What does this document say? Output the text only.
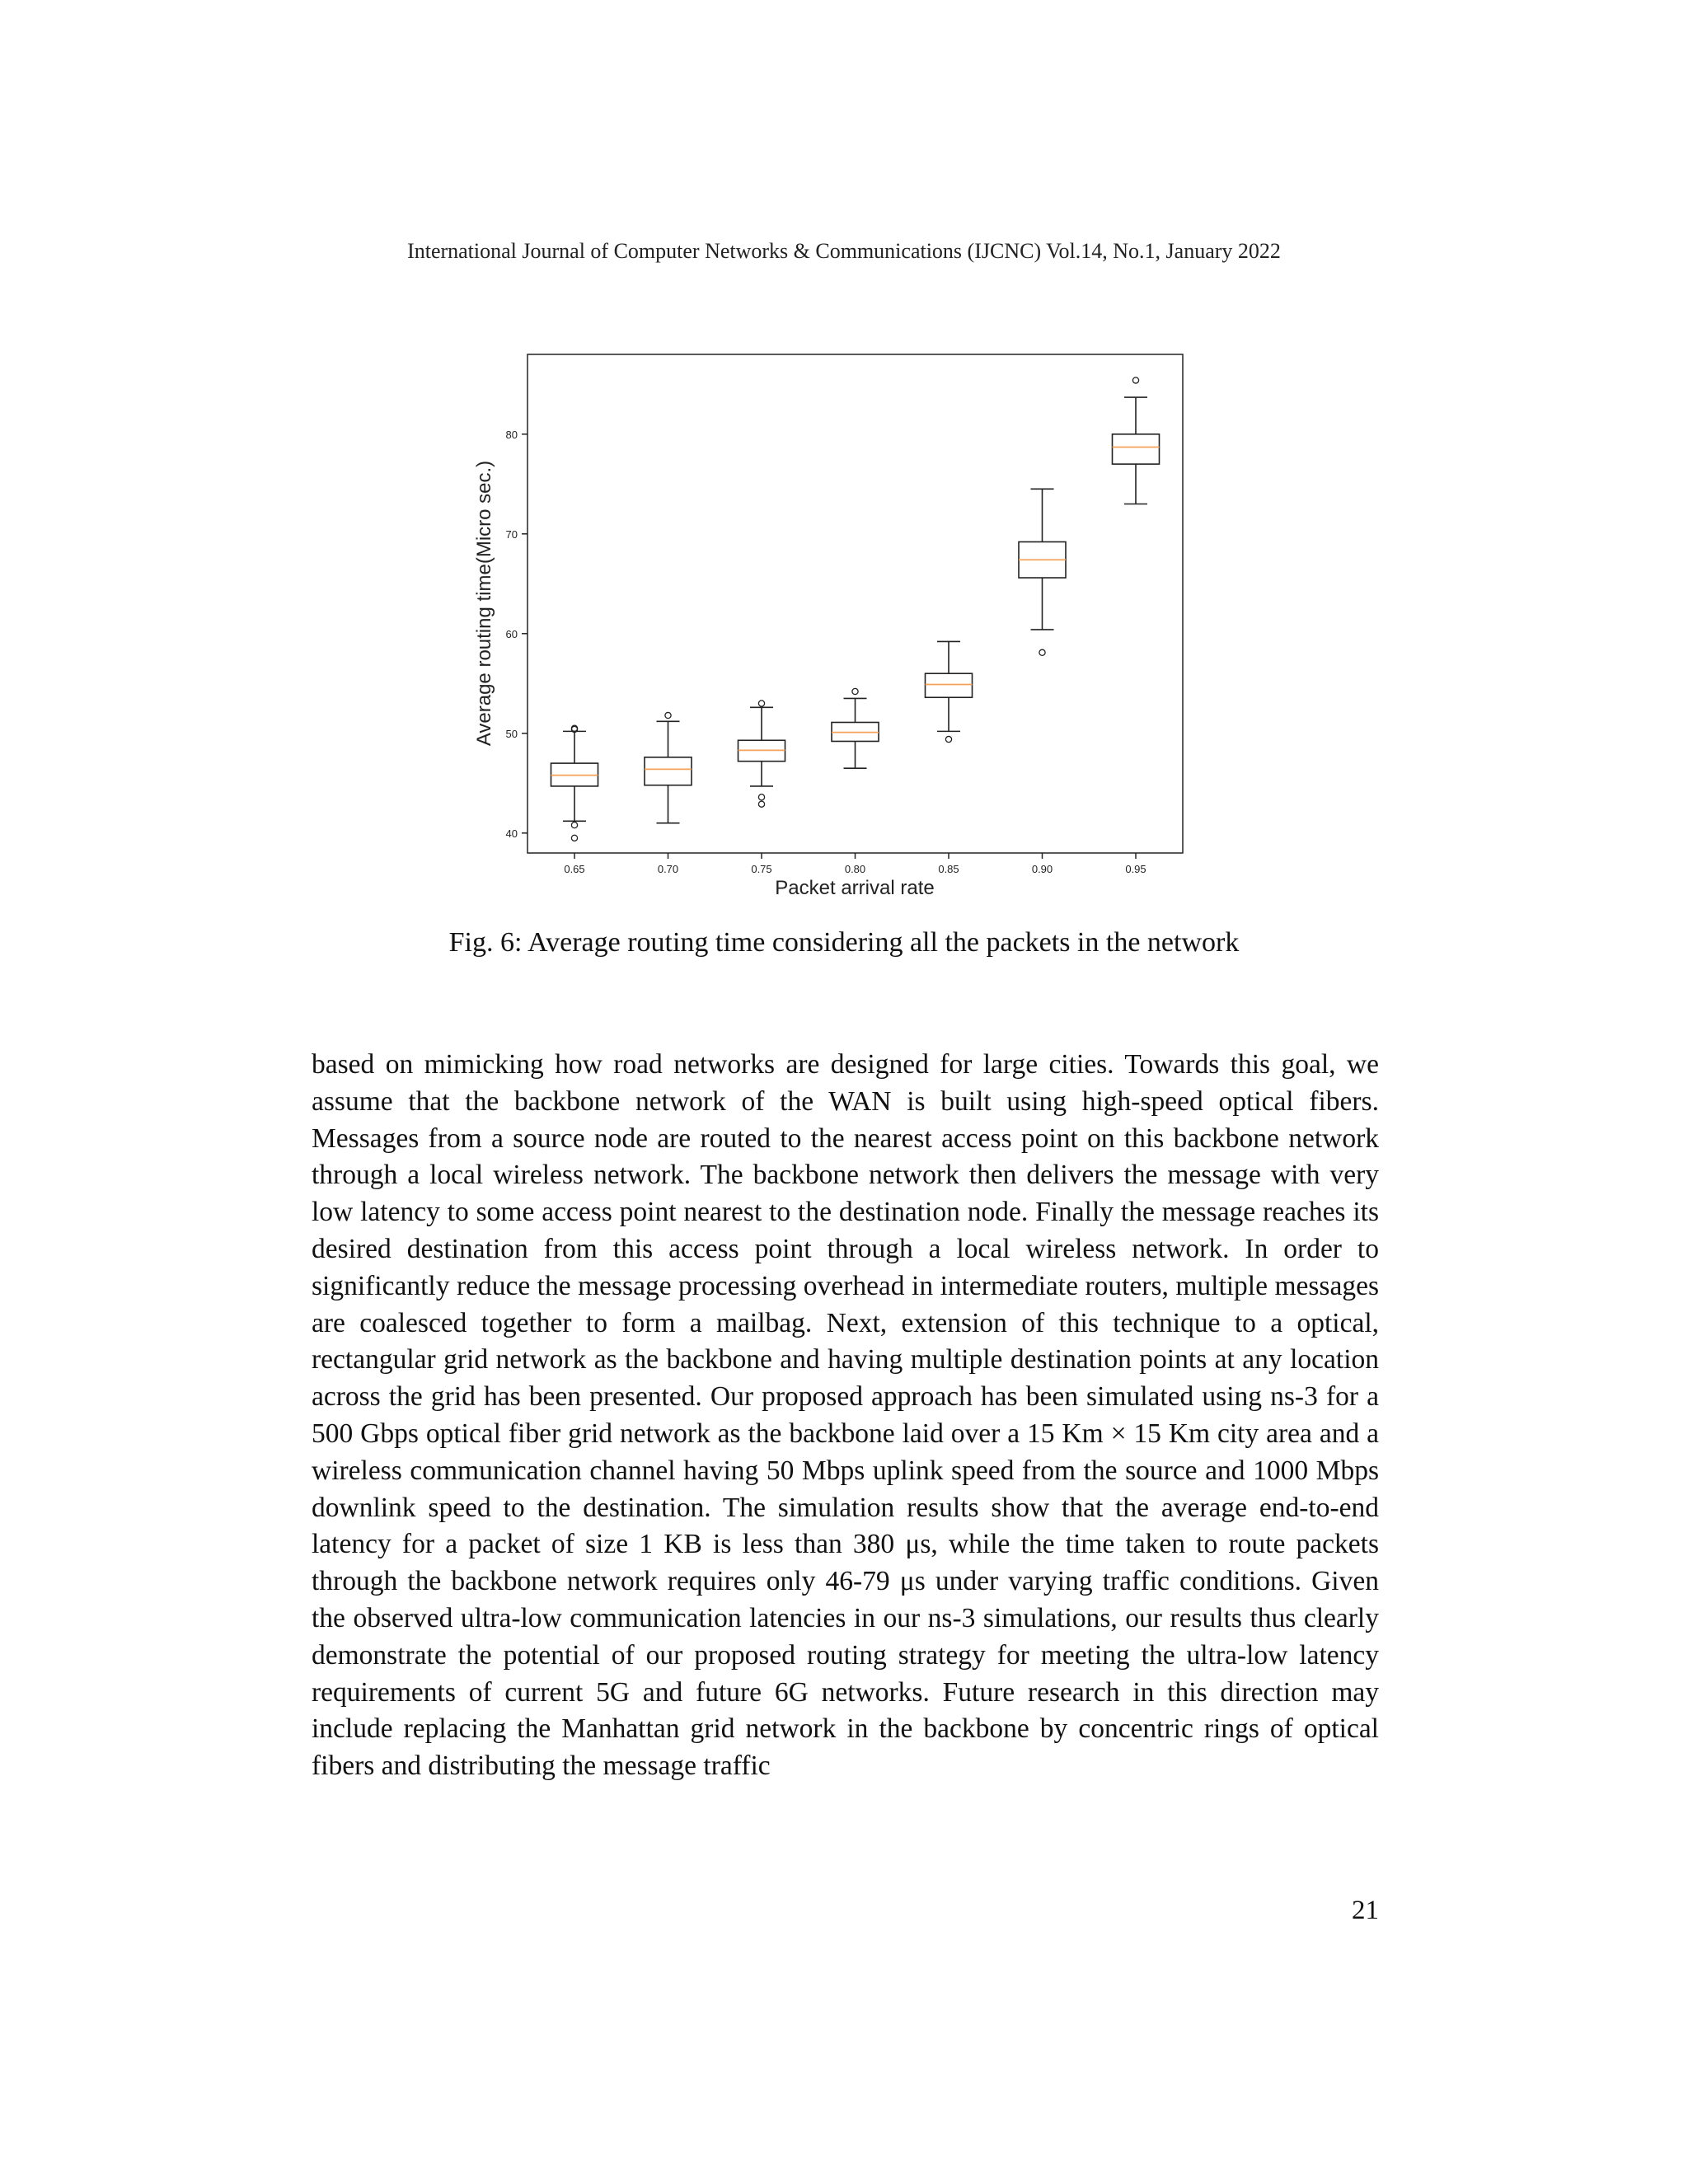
International Journal of Computer Networks & Communications (IJCNC) Vol.14, No.1, January 2022
40
50
60
70
80
0.65	0.70	0.75	0.80	0.85	0.90	0.95
Packet arrival rate
Average routing time(Micro sec.)
Fig. 6: Average routing time considering all the packets in the network
based on mimicking how road networks are designed for large cities. Towards this goal, we assume that the backbone network of the WAN is built using high-speed optical fibers. Messages from a source node are routed to the nearest access point on this backbone network through a local wireless network. The backbone network then delivers the message with very low latency to some access point nearest to the destination node. Finally the message reaches its desired destination from this access point through a local wireless network. In order to significantly reduce the message processing overhead in intermediate routers, multiple messages are coalesced together to form a mailbag. Next, extension of this technique to a optical, rectangular grid network as the backbone and having multiple destination points at any location across the grid has been presented. Our proposed approach has been simulated using ns-3 for a 500 Gbps optical fiber grid network as the backbone laid over a 15 Km × 15 Km city area and a wireless communication channel having 50 Mbps uplink speed from the source and 1000 Mbps downlink speed to the destination. The simulation results show that the average end-to-end latency for a packet of size 1 KB is less than 380 μs, while the time taken to route packets through the backbone network requires only 46-79 μs under varying traffic conditions. Given the observed ultra-low communication latencies in our ns-3 simulations, our results thus clearly demonstrate the potential of our proposed routing strategy for meeting the ultra-low latency requirements of current 5G and future 6G networks. Future research in this direction may include replacing the Manhattan grid network in the backbone by concentric rings of optical fibers and distributing the message traffic
21
